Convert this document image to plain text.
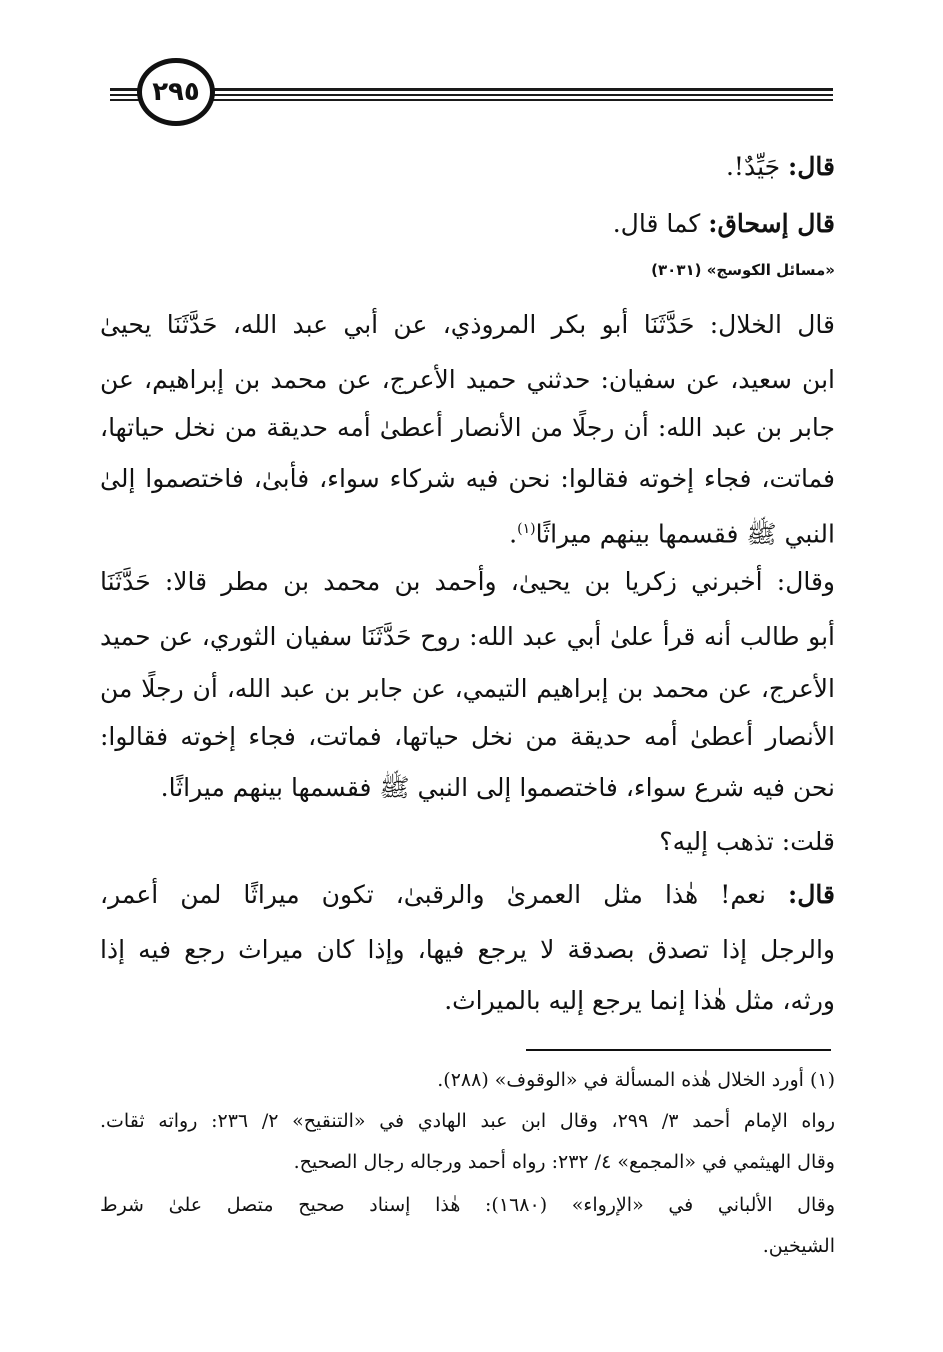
٢٩٥
قال: جَيِّدٌ!.
قال إسحاق: كما قال.
«مسائل الكوسج» (٣٠٣١)
قال الخلال: حَدَّثَنَا أبو بكر المروذي، عن أبي عبد الله، حَدَّثَنَا يحيىٰ
ابن سعيد، عن سفيان: حدثني حميد الأعرج، عن محمد بن إبراهيم، عن
جابر بن عبد الله: أن رجلًا من الأنصار أعطىٰ أمه حديقة من نخل حياتها،
فماتت، فجاء إخوته فقالوا: نحن فيه شركاء سواء، فأبىٰ، فاختصموا إلىٰ
النبي ﷺ فقسمها بينهم ميراثًا$^{(١)}$.
وقال: أخبرني زكريا بن يحيىٰ، وأحمد بن محمد بن مطر قالا: حَدَّثَنَا
أبو طالب أنه قرأ علىٰ أبي عبد الله: روح حَدَّثَنَا سفيان الثوري، عن حميد
الأعرج، عن محمد بن إبراهيم التيمي، عن جابر بن عبد الله، أن رجلًا من
الأنصار أعطىٰ أمه حديقة من نخل حياتها، فماتت، فجاء إخوته فقالوا:
نحن فيه شرع سواء، فاختصموا إلى النبي ﷺ فقسمها بينهم ميراثًا.
قلت: تذهب إليه؟
قال: نعم! هٰذا مثل العمرىٰ والرقبىٰ، تكون ميراثًا لمن أعمر،
والرجل إذا تصدق بصدقة لا يرجع فيها، وإذا كان ميراث رجع فيه إذا
ورثه، مثل هٰذا إنما يرجع إليه بالميراث.
(١) أورد الخلال هٰذه المسألة في «الوقوف» (٢٨٨).
رواه الإمام أحمد ٣/ ٢٩٩، وقال ابن عبد الهادي في «التنقيح» ٢/ ٢٣٦: رواته ثقات.
وقال الهيثمي في «المجمع» ٤/ ٢٣٢: رواه أحمد ورجاله رجال الصحيح.
وقال الألباني في «الإرواء» (١٦٨٠): هٰذا إسناد صحيح متصل علىٰ شرط
الشيخين.
